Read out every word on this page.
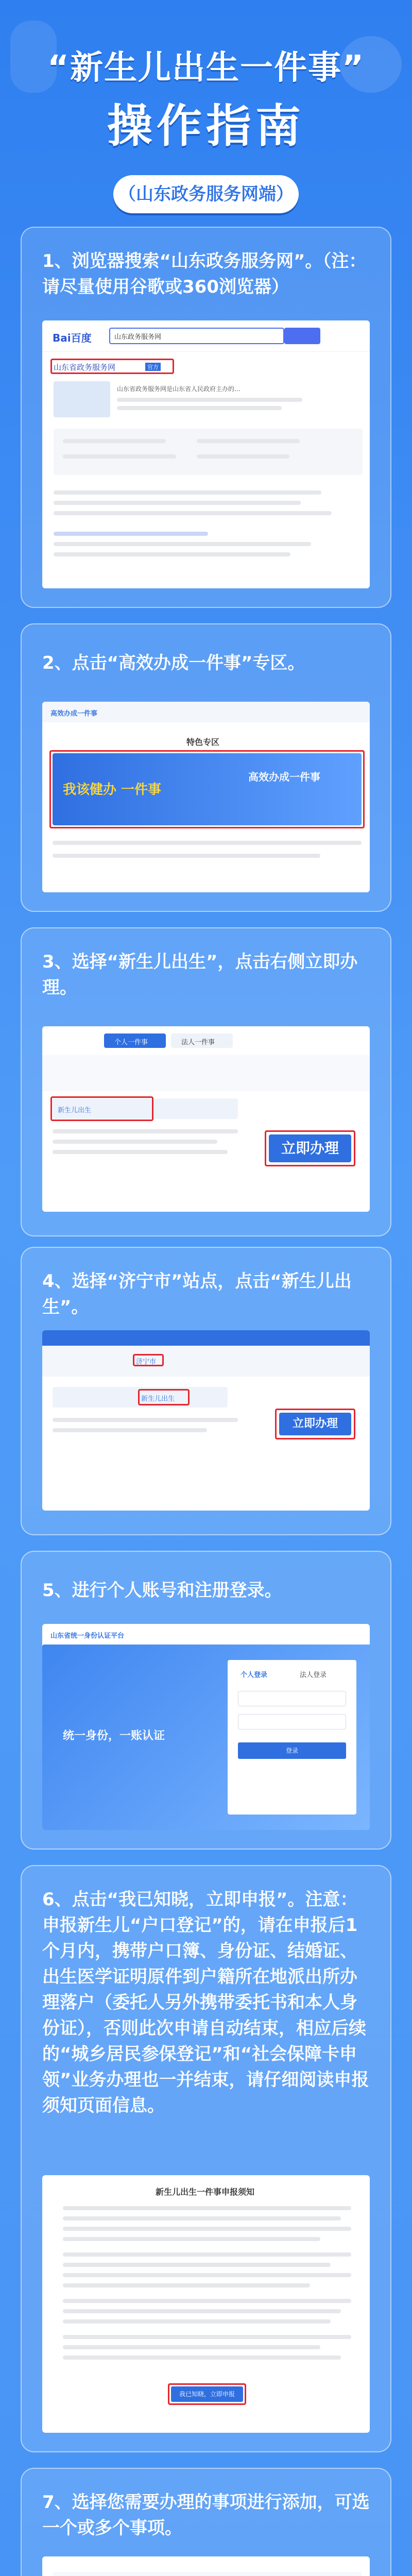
“新生儿出生一件事”
操作指南
（山东政务服务网端）
1、浏览器搜索“山东政务服务网”。（注：请尽量使用谷歌或360浏览器）
Bai百度	山东政务服务网
山东省政务服务网	官方
山东省政务服务网是山东省人民政府主办的...
2、点击“高效办成一件事”专区。
高效办成一件事
特色专区
我该健办 一件事
高效办成一件事
3、选择“新生儿出生”，点击右侧立即办理。
个人一件事	法人一件事
新生儿出生
立即办理
4、选择“济宁市”站点，点击“新生儿出生”。
济宁市
新生儿出生
立即办理
5、进行个人账号和注册登录。
山东省统一身份认证平台
统一身份，一账认证
个人登录	法人登录
登录
6、点击“我已知晓，立即申报”。注意：申报新生儿“户口登记”的，请在申报后1个月内，携带户口簿、身份证、结婚证、出生医学证明原件到户籍所在地派出所办理落户（委托人另外携带委托书和本人身份证），否则此次申请自动结束，相应后续的“城乡居民参保登记”和“社会保障卡申领”业务办理也一并结束，请仔细阅读申报须知页面信息。
新生儿出生一件事申报须知
我已知晓，立即申报
7、选择您需要办理的事项进行添加，可选一个或多个事项。
